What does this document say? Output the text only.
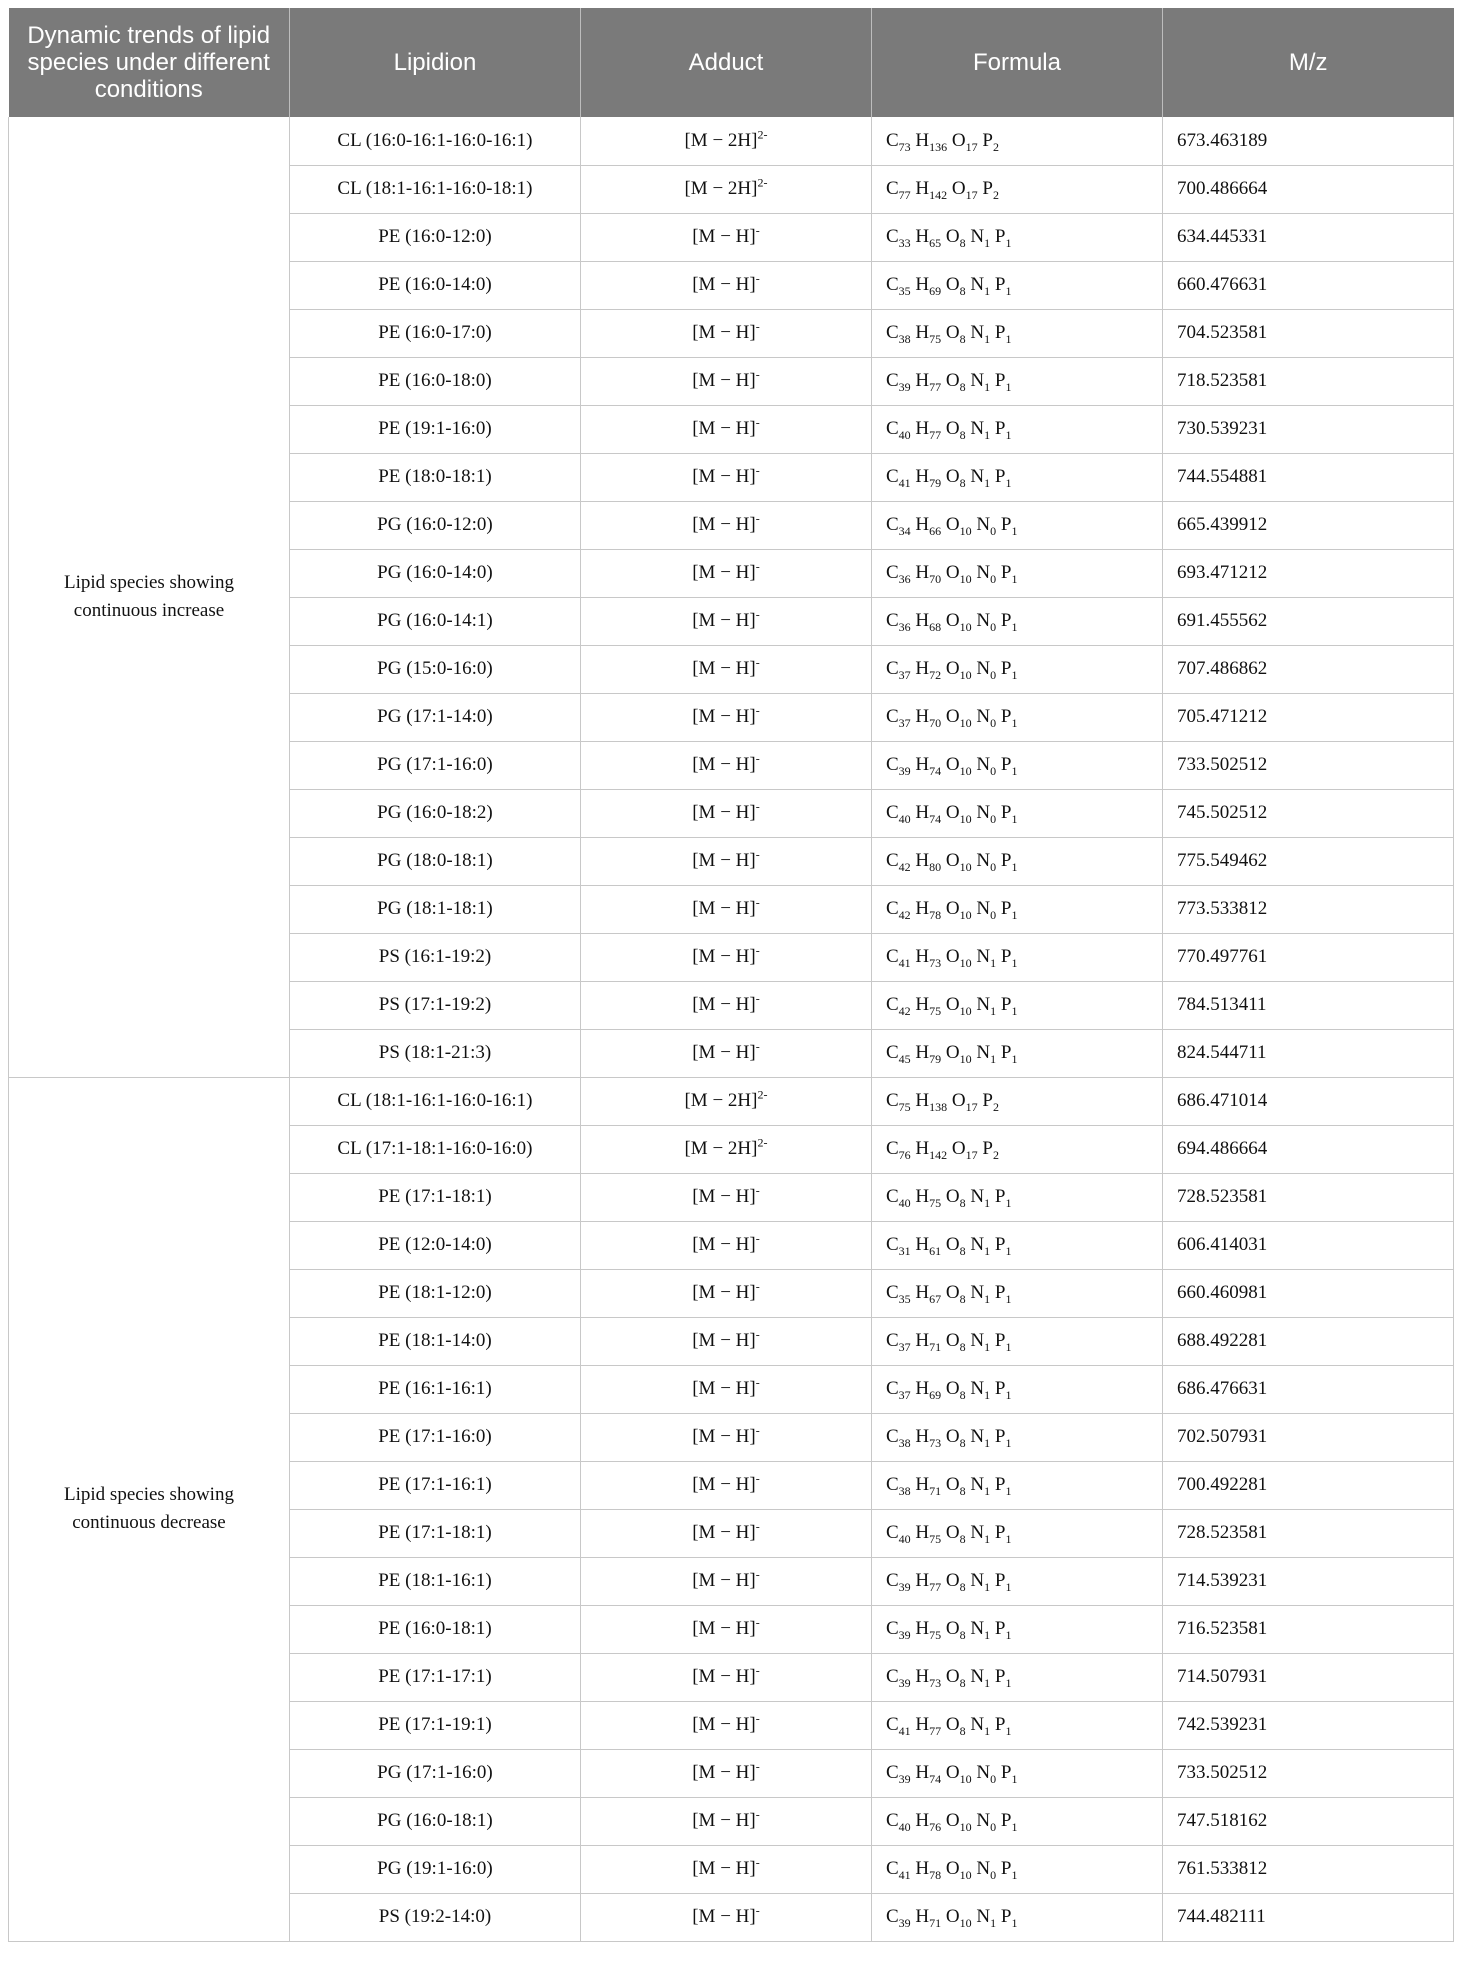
Dynamic trends of lipid species under different conditions	Lipidion	Adduct	Formula	M/z
Lipid species showing continuous increase	CL (16:0-16:1-16:0-16:1)	$[M - 2H]^{2-}$	$C_{73}$ $H_{136}$ $O_{17}$ $P_2$	673.463189
	CL (18:1-16:1-16:0-18:1)	$[M - 2H]^{2-}$	$C_{77}$ $H_{142}$ $O_{17}$ $P_2$	700.486664
	PE (16:0-12:0)	[M − H]-	$C_{33}$ $H_{65}$ $O_8$ $N_1$ $P_1$	634.445331
	PE (16:0-14:0)	[M − H]-	$C_{35}$ $H_{69}$ $O_8$ $N_1$ $P_1$	660.476631
	PE (16:0-17:0)	[M − H]-	$C_{38}$ $H_{75}$ $O_8$ $N_1$ $P_1$	704.523581
	PE (16:0-18:0)	[M − H]-	$C_{39}$ $H_{77}$ $O_8$ $N_1$ $P_1$	718.523581
	PE (19:1-16:0)	[M − H]-	$C_{40}$ $H_{77}$ $O_8$ $N_1$ $P_1$	730.539231
	PE (18:0-18:1)	[M − H]-	$C_{41}$ $H_{79}$ $O_8$ $N_1$ $P_1$	744.554881
	PG (16:0-12:0)	[M − H]-	$C_{34}$ $H_{66}$ $O_{10}$ $N_0$ $P_1$	665.439912
	PG (16:0-14:0)	[M − H]-	$C_{36}$ $H_{70}$ $O_{10}$ $N_0$ $P_1$	693.471212
	PG (16:0-14:1)	[M − H]-	$C_{36}$ $H_{68}$ $O_{10}$ $N_0$ $P_1$	691.455562
	PG (15:0-16:0)	[M − H]-	$C_{37}$ $H_{72}$ $O_{10}$ $N_0$ $P_1$	707.486862
	PG (17:1-14:0)	[M − H]-	$C_{37}$ $H_{70}$ $O_{10}$ $N_0$ $P_1$	705.471212
	PG (17:1-16:0)	[M − H]-	$C_{39}$ $H_{74}$ $O_{10}$ $N_0$ $P_1$	733.502512
	PG (16:0-18:2)	[M − H]-	$C_{40}$ $H_{74}$ $O_{10}$ $N_0$ $P_1$	745.502512
	PG (18:0-18:1)	[M − H]-	$C_{42}$ $H_{80}$ $O_{10}$ $N_0$ $P_1$	775.549462
	PG (18:1-18:1)	[M − H]-	$C_{42}$ $H_{78}$ $O_{10}$ $N_0$ $P_1$	773.533812
	PS (16:1-19:2)	[M − H]-	$C_{41}$ $H_{73}$ $O_{10}$ $N_1$ $P_1$	770.497761
	PS (17:1-19:2)	[M − H]-	$C_{42}$ $H_{75}$ $O_{10}$ $N_1$ $P_1$	784.513411
	PS (18:1-21:3)	[M − H]-	$C_{45}$ $H_{79}$ $O_{10}$ $N_1$ $P_1$	824.544711
Lipid species showing continuous decrease	CL (18:1-16:1-16:0-16:1)	$[M - 2H]^{2-}$	$C_{75}$ $H_{138}$ $O_{17}$ $P_2$	686.471014
	CL (17:1-18:1-16:0-16:0)	$[M - 2H]^{2-}$	$C_{76}$ $H_{142}$ $O_{17}$ $P_2$	694.486664
	PE (17:1-18:1)	[M − H]-	$C_{40}$ $H_{75}$ $O_8$ $N_1$ $P_1$	728.523581
	PE (12:0-14:0)	[M − H]-	$C_{31}$ $H_{61}$ $O_8$ $N_1$ $P_1$	606.414031
	PE (18:1-12:0)	[M − H]-	$C_{35}$ $H_{67}$ $O_8$ $N_1$ $P_1$	660.460981
	PE (18:1-14:0)	[M − H]-	$C_{37}$ $H_{71}$ $O_8$ $N_1$ $P_1$	688.492281
	PE (16:1-16:1)	[M − H]-	$C_{37}$ $H_{69}$ $O_8$ $N_1$ $P_1$	686.476631
	PE (17:1-16:0)	[M − H]-	$C_{38}$ $H_{73}$ $O_8$ $N_1$ $P_1$	702.507931
	PE (17:1-16:1)	[M − H]-	$C_{38}$ $H_{71}$ $O_8$ $N_1$ $P_1$	700.492281
	PE (17:1-18:1)	[M − H]-	$C_{40}$ $H_{75}$ $O_8$ $N_1$ $P_1$	728.523581
	PE (18:1-16:1)	[M − H]-	$C_{39}$ $H_{77}$ $O_8$ $N_1$ $P_1$	714.539231
	PE (16:0-18:1)	[M − H]-	$C_{39}$ $H_{75}$ $O_8$ $N_1$ $P_1$	716.523581
	PE (17:1-17:1)	[M − H]-	$C_{39}$ $H_{73}$ $O_8$ $N_1$ $P_1$	714.507931
	PE (17:1-19:1)	[M − H]-	$C_{41}$ $H_{77}$ $O_8$ $N_1$ $P_1$	742.539231
	PG (17:1-16:0)	[M − H]-	$C_{39}$ $H_{74}$ $O_{10}$ $N_0$ $P_1$	733.502512
	PG (16:0-18:1)	[M − H]-	$C_{40}$ $H_{76}$ $O_{10}$ $N_0$ $P_1$	747.518162
	PG (19:1-16:0)	[M − H]-	$C_{41}$ $H_{78}$ $O_{10}$ $N_0$ $P_1$	761.533812
	PS (19:2-14:0)	[M − H]-	$C_{39}$ $H_{71}$ $O_{10}$ $N_1$ $P_1$	744.482111
